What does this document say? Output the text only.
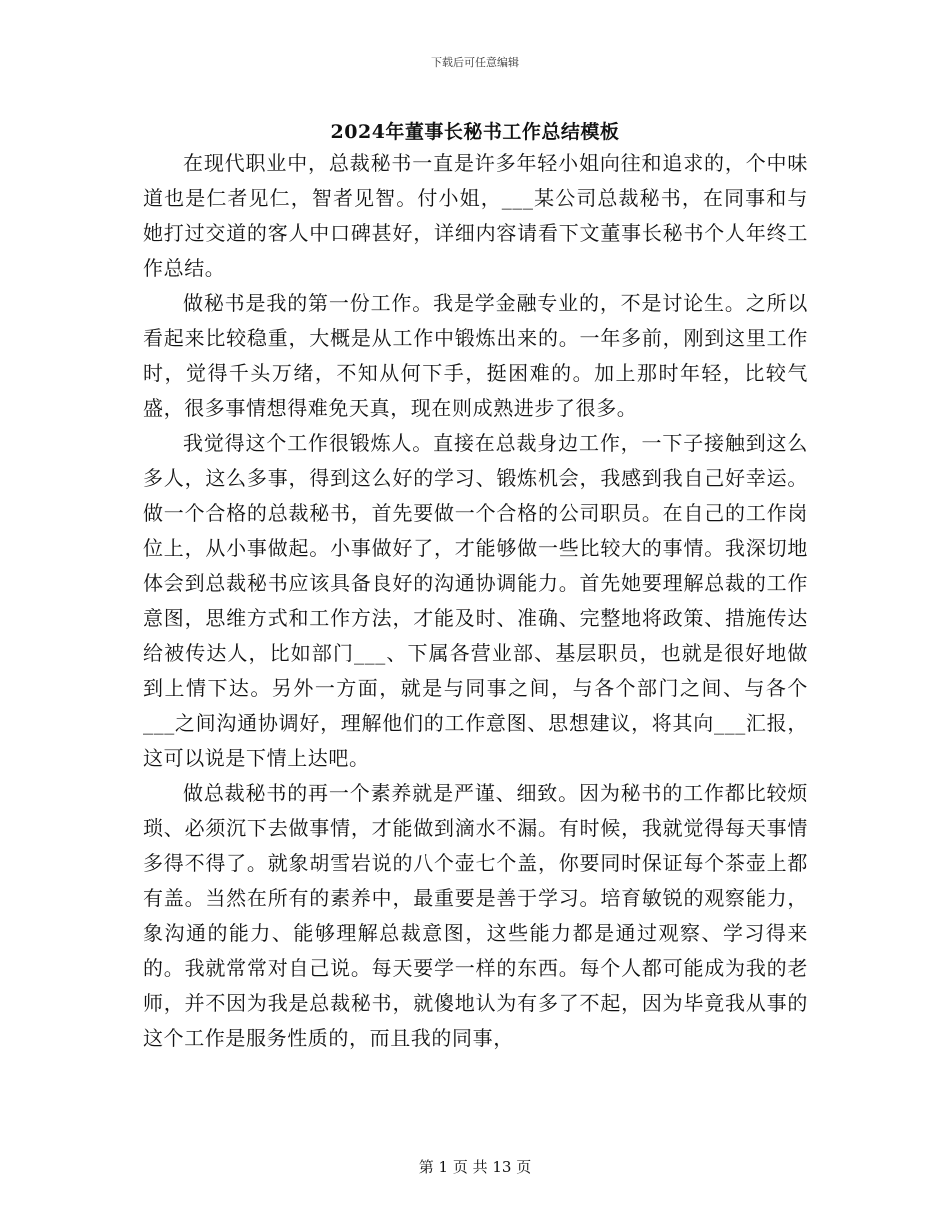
下载后可任意编辑
2024年董事长秘书工作总结模板

在现代职业中，总裁秘书一直是许多年轻小姐向往和追求的，个中味道也是仁者见仁，智者见智。付小姐，___某公司总裁秘书，在同事和与她打过交道的客人中口碑甚好，详细内容请看下文董事长秘书个人年终工作总结。

做秘书是我的第一份工作。我是学金融专业的，不是讨论生。之所以看起来比较稳重，大概是从工作中锻炼出来的。一年多前，刚到这里工作时，觉得千头万绪，不知从何下手，挺困难的。加上那时年轻，比较气盛，很多事情想得难免天真，现在则成熟进步了很多。

我觉得这个工作很锻炼人。直接在总裁身边工作，一下子接触到这么多人，这么多事，得到这么好的学习、锻炼机会，我感到我自己好幸运。做一个合格的总裁秘书，首先要做一个合格的公司职员。在自己的工作岗位上，从小事做起。小事做好了，才能够做一些比较大的事情。我深切地体会到总裁秘书应该具备良好的沟通协调能力。首先她要理解总裁的工作意图，思维方式和工作方法，才能及时、准确、完整地将政策、措施传达给被传达人，比如部门___、下属各营业部、基层职员，也就是很好地做到上情下达。另外一方面，就是与同事之间，与各个部门之间、与各个___之间沟通协调好，理解他们的工作意图、思想建议，将其向___汇报，这可以说是下情上达吧。

做总裁秘书的再一个素养就是严谨、细致。因为秘书的工作都比较烦琐、必须沉下去做事情，才能做到滴水不漏。有时候，我就觉得每天事情多得不得了。就象胡雪岩说的八个壶七个盖，你要同时保证每个茶壶上都有盖。当然在所有的素养中，最重要是善于学习。培育敏锐的观察能力，象沟通的能力、能够理解总裁意图，这些能力都是通过观察、学习得来的。我就常常对自己说。每天要学一样的东西。每个人都可能成为我的老师，并不因为我是总裁秘书，就傻地认为有多了不起，因为毕竟我从事的这个工作是服务性质的，而且我的同事，

第 1 页 共 13 页
